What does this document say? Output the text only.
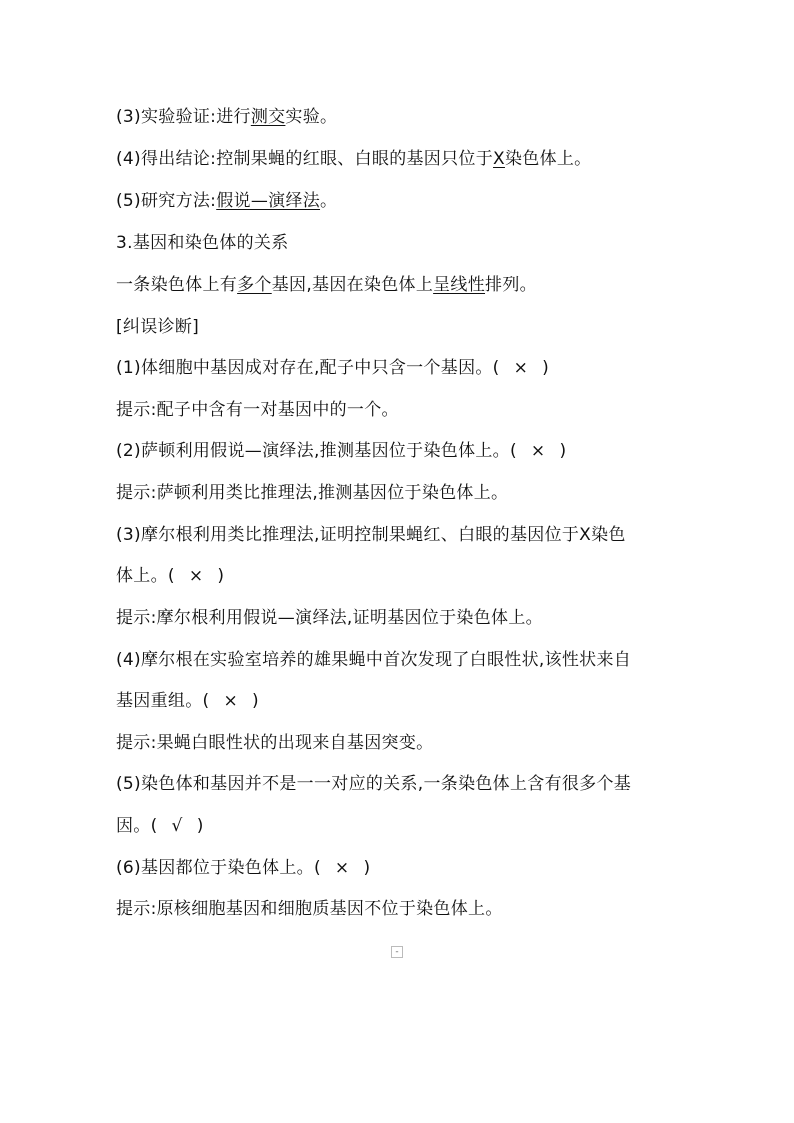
(3)实验验证:进行测交实验。
(4)得出结论:控制果蝇的红眼、白眼的基因只位于X染色体上。
(5)研究方法:假说—演绎法。
3.基因和染色体的关系
一条染色体上有多个基因,基因在染色体上呈线性排列。
[纠误诊断]
(1)体细胞中基因成对存在,配子中只含一个基因。( × )
提示:配子中含有一对基因中的一个。
(2)萨顿利用假说—演绎法,推测基因位于染色体上。( × )
提示:萨顿利用类比推理法,推测基因位于染色体上。
(3)摩尔根利用类比推理法,证明控制果蝇红、白眼的基因位于X染色
体上。( × )
提示:摩尔根利用假说—演绎法,证明基因位于染色体上。
(4)摩尔根在实验室培养的雄果蝇中首次发现了白眼性状,该性状来自
基因重组。( × )
提示:果蝇白眼性状的出现来自基因突变。
(5)染色体和基因并不是一一对应的关系,一条染色体上含有很多个基
因。( √ )
(6)基因都位于染色体上。( × )
提示:原核细胞基因和细胞质基因不位于染色体上。
-
